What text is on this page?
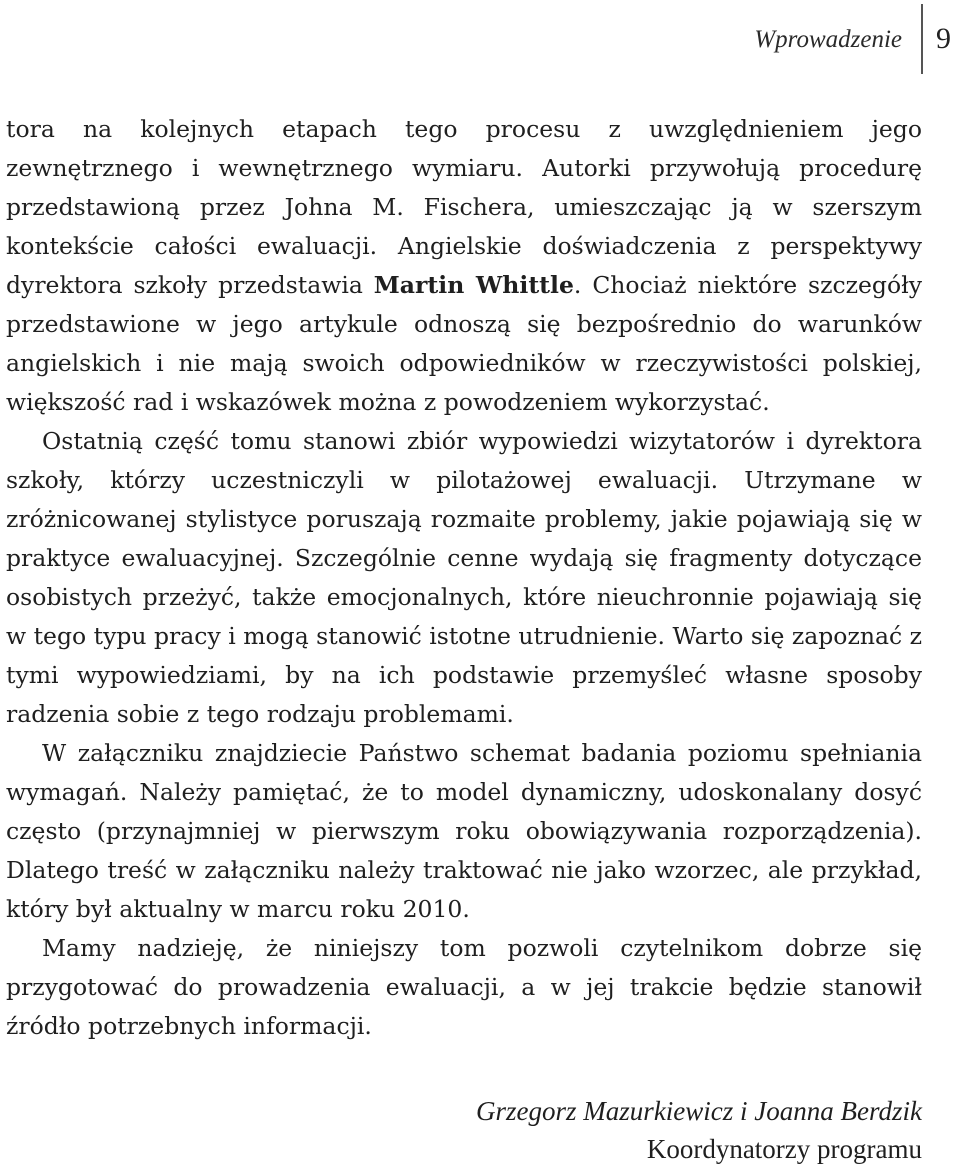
Wprowadzenie 9

tora na kolejnych etapach tego procesu z uwzględnieniem jego zewnętrznego i wewnętrznego wymiaru. Autorki przywołują procedurę przedstawioną przez Johna M. Fischera, umieszczając ją w szerszym kontekście całości ewaluacji. Angielskie doświadczenia z perspektywy dyrektora szkoły przedstawia Martin Whittle. Chociaż niektóre szczegóły przedstawione w jego artykule odnoszą się bezpośrednio do warunków angielskich i nie mają swoich odpowiedników w rzeczywistości polskiej, większość rad i wskazówek można z powodzeniem wykorzystać.

Ostatnią część tomu stanowi zbiór wypowiedzi wizytatorów i dyrektora szkoły, którzy uczestniczyli w pilotażowej ewaluacji. Utrzymane w zróżnicowanej stylistyce poruszają rozmaite problemy, jakie pojawiają się w praktyce ewaluacyjnej. Szczególnie cenne wydają się fragmenty dotyczące osobistych przeżyć, także emocjonalnych, które nieuchronnie pojawiają się w tego typu pracy i mogą stanowić istotne utrudnienie. Warto się zapoznać z tymi wypowiedziami, by na ich podstawie przemyśleć własne sposoby radzenia sobie z tego rodzaju problemami.

W załączniku znajdziecie Państwo schemat badania poziomu spełniania wymagań. Należy pamiętać, że to model dynamiczny, udoskonalany dosyć często (przynajmniej w pierwszym roku obowiązywania rozporządzenia). Dlatego treść w załączniku należy traktować nie jako wzorzec, ale przykład, który był aktualny w marcu roku 2010.

Mamy nadzieję, że niniejszy tom pozwoli czytelnikom dobrze się przygotować do prowadzenia ewaluacji, a w jej trakcie będzie stanowił źródło potrzebnych informacji.

Grzegorz Mazurkiewicz i Joanna Berdzik
Koordynatorzy programu
